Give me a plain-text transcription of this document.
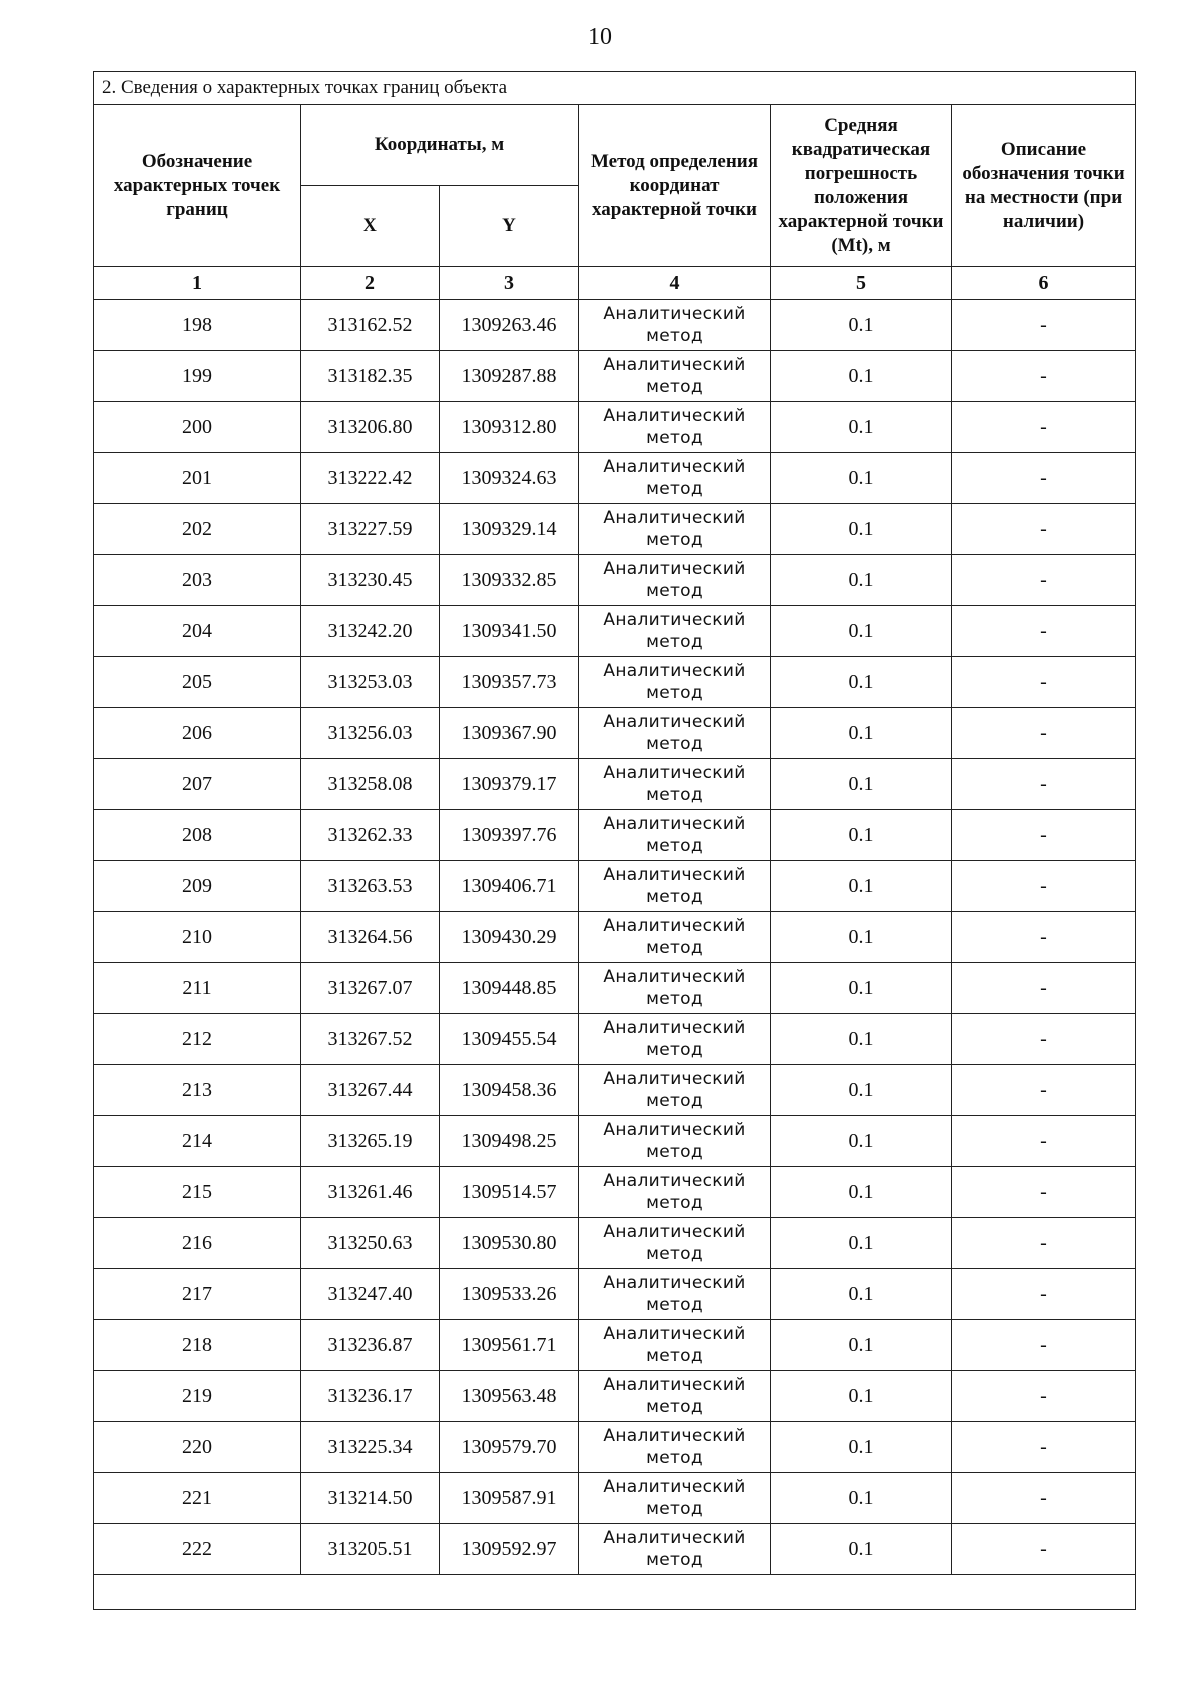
10
2. Сведения о характерных точках границ объекта					
Обозначение характерных точек границ	Координаты, м		Метод определения координат характерной точки	Средняя квадратическая погрешность положения характерной точки (Mt), м	Описание обозначения точки на местности (при наличии)
	X	Y			
1	2	3	4	5	6
198	313162.52	1309263.46	Аналитический метод	0.1	-
199	313182.35	1309287.88	Аналитический метод	0.1	-
200	313206.80	1309312.80	Аналитический метод	0.1	-
201	313222.42	1309324.63	Аналитический метод	0.1	-
202	313227.59	1309329.14	Аналитический метод	0.1	-
203	313230.45	1309332.85	Аналитический метод	0.1	-
204	313242.20	1309341.50	Аналитический метод	0.1	-
205	313253.03	1309357.73	Аналитический метод	0.1	-
206	313256.03	1309367.90	Аналитический метод	0.1	-
207	313258.08	1309379.17	Аналитический метод	0.1	-
208	313262.33	1309397.76	Аналитический метод	0.1	-
209	313263.53	1309406.71	Аналитический метод	0.1	-
210	313264.56	1309430.29	Аналитический метод	0.1	-
211	313267.07	1309448.85	Аналитический метод	0.1	-
212	313267.52	1309455.54	Аналитический метод	0.1	-
213	313267.44	1309458.36	Аналитический метод	0.1	-
214	313265.19	1309498.25	Аналитический метод	0.1	-
215	313261.46	1309514.57	Аналитический метод	0.1	-
216	313250.63	1309530.80	Аналитический метод	0.1	-
217	313247.40	1309533.26	Аналитический метод	0.1	-
218	313236.87	1309561.71	Аналитический метод	0.1	-
219	313236.17	1309563.48	Аналитический метод	0.1	-
220	313225.34	1309579.70	Аналитический метод	0.1	-
221	313214.50	1309587.91	Аналитический метод	0.1	-
222	313205.51	1309592.97	Аналитический метод	0.1	-
